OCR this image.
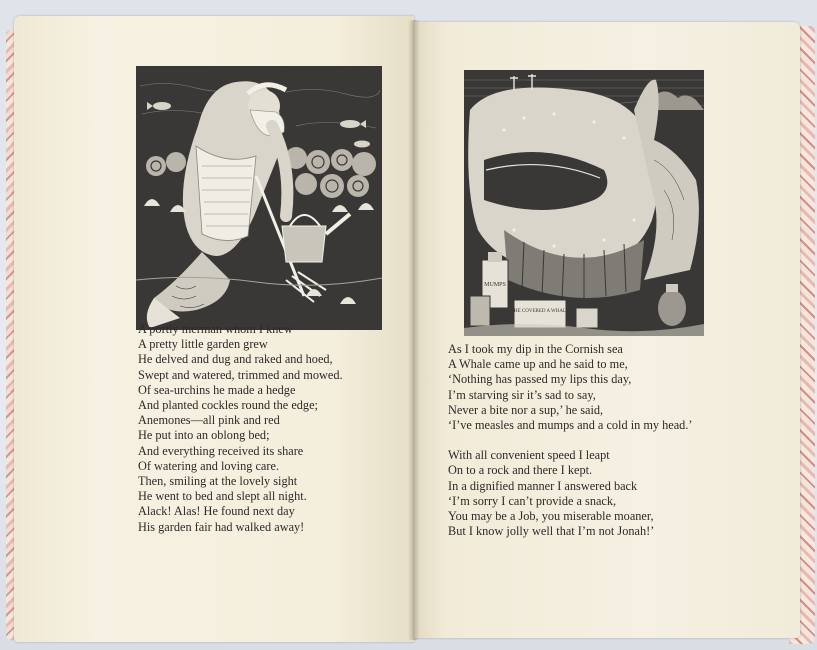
A portly merman whom I knew
A pretty little garden grew
He delved and dug and raked and hoed,
Swept and watered, trimmed and mowed.
Of sea-urchins he made a hedge
And planted cockles round the edge;
Anemones—all pink and red
He put into an oblong bed;
And everything received its share
Of watering and loving care.
Then, smiling at the lovely sight
He went to bed and slept all night.
Alack! Alas! He found next day
His garden fair had walked away!
MUMPS
THE COVERED A WHALE
As I took my dip in the Cornish sea
A Whale came up and he said to me,
‘Nothing has passed my lips this day,
I’m starving sir it’s sad to say,
Never a bite nor a sup,’ he said,
‘I’ve measles and mumps and a cold in my head.’
With all convenient speed I leapt
On to a rock and there I kept.
In a dignified manner I answered back
‘I’m sorry I can’t provide a snack,
You may be a Job, you miserable moaner,
But I know jolly well that I’m not Jonah!’
